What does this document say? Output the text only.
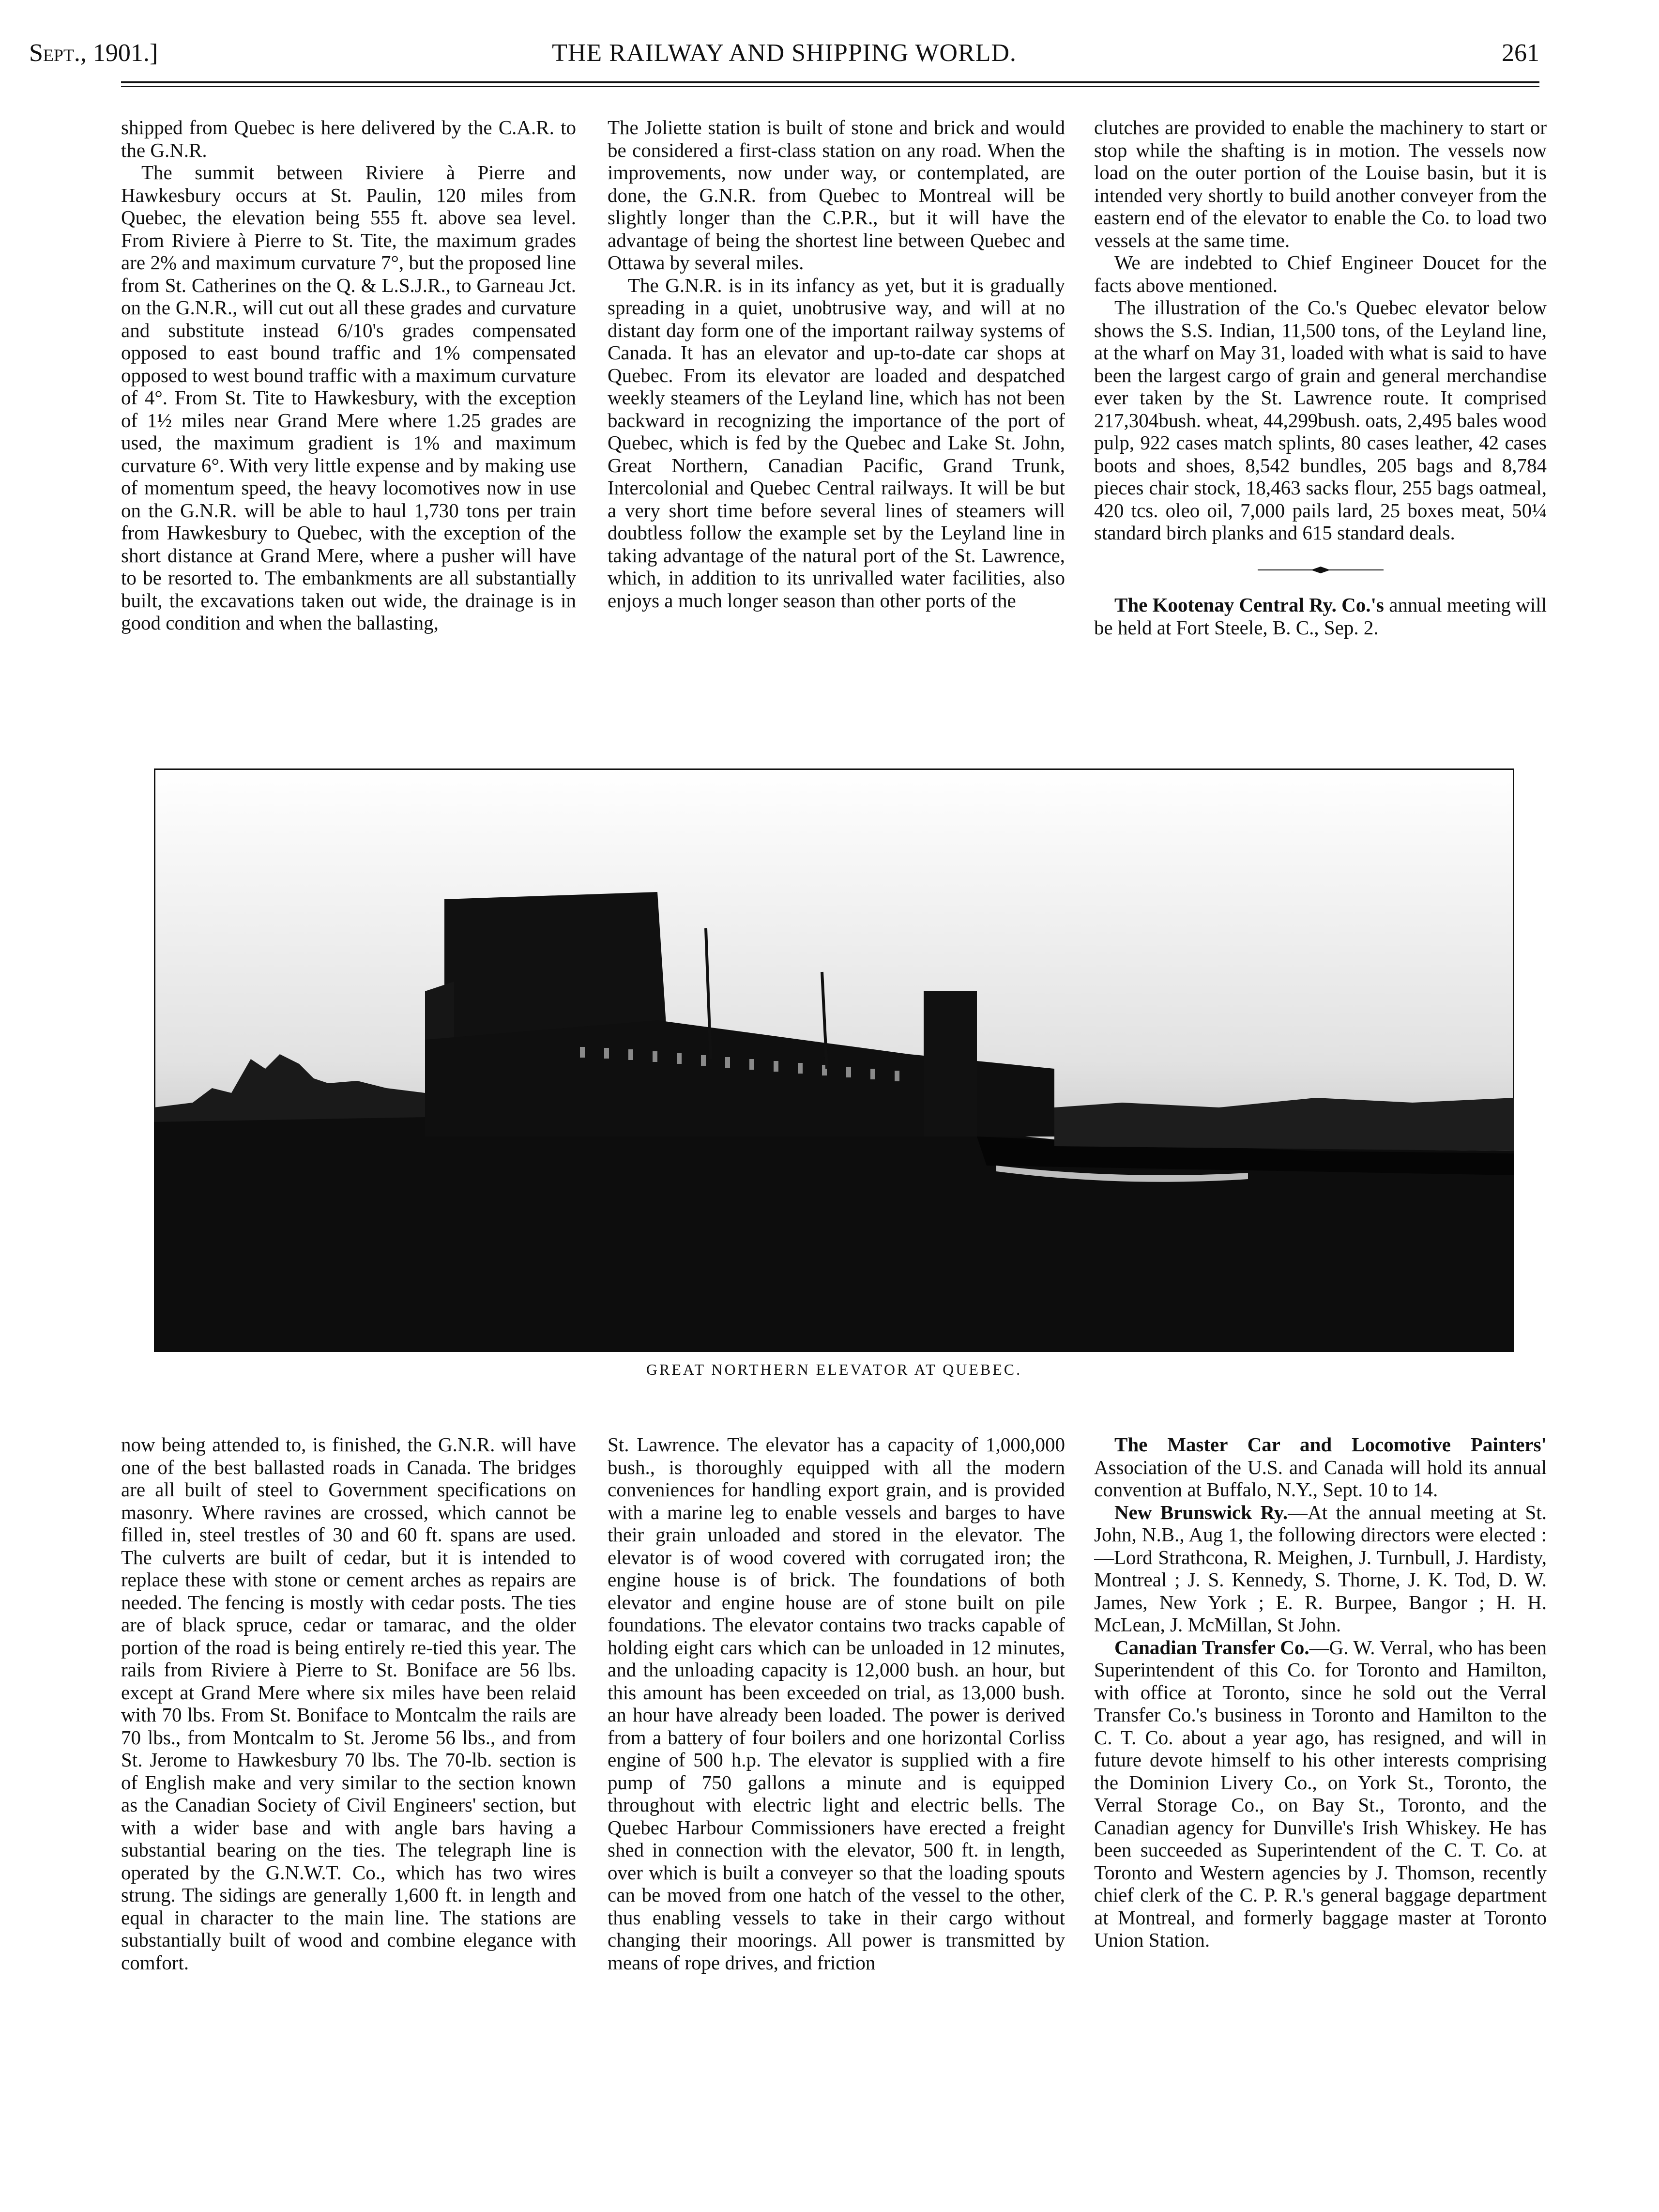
Sept., 1901.]	THE RAILWAY AND SHIPPING WORLD.	261

shipped from Quebec is here delivered by the C.A.R. to the G.N.R.

The summit between Riviere à Pierre and Hawkesbury occurs at St. Paulin, 120 miles from Quebec, the elevation being 555 ft. above sea level. From Riviere à Pierre to St. Tite, the maximum grades are 2% and maximum curvature 7°, but the proposed line from St. Catherines on the Q. & L.S.J.R., to Garneau Jct. on the G.N.R., will cut out all these grades and curvature and substitute instead 6/10's grades compensated opposed to east bound traffic and 1% compensated opposed to west bound traffic with a maximum curvature of 4°. From St. Tite to Hawkesbury, with the exception of 1½ miles near Grand Mere where 1.25 grades are used, the maximum gradient is 1% and maximum curvature 6°. With very little expense and by making use of momentum speed, the heavy locomotives now in use on the G.N.R. will be able to haul 1,730 tons per train from Hawkesbury to Quebec, with the exception of the short distance at Grand Mere, where a pusher will have to be resorted to. The embankments are all substantially built, the excavations taken out wide, the drainage is in good condition and when the ballasting,

The Joliette station is built of stone and brick and would be considered a first-class station on any road. When the improvements, now under way, or contemplated, are done, the G.N.R. from Quebec to Montreal will be slightly longer than the C.P.R., but it will have the advantage of being the shortest line between Quebec and Ottawa by several miles.

The G.N.R. is in its infancy as yet, but it is gradually spreading in a quiet, unobtrusive way, and will at no distant day form one of the important railway systems of Canada. It has an elevator and up-to-date car shops at Quebec. From its elevator are loaded and despatched weekly steamers of the Leyland line, which has not been backward in recognizing the importance of the port of Quebec, which is fed by the Quebec and Lake St. John, Great Northern, Canadian Pacific, Grand Trunk, Intercolonial and Quebec Central railways. It will be but a very short time before several lines of steamers will doubtless follow the example set by the Leyland line in taking advantage of the natural port of the St. Lawrence, which, in addition to its unrivalled water facilities, also enjoys a much longer season than other ports of the

clutches are provided to enable the machinery to start or stop while the shafting is in motion. The vessels now load on the outer portion of the Louise basin, but it is intended very shortly to build another conveyer from the eastern end of the elevator to enable the Co. to load two vessels at the same time.

We are indebted to Chief Engineer Doucet for the facts above mentioned.

The illustration of the Co.'s Quebec elevator below shows the S.S. Indian, 11,500 tons, of the Leyland line, at the wharf on May 31, loaded with what is said to have been the largest cargo of grain and general merchandise ever taken by the St. Lawrence route. It comprised 217,304bush. wheat, 44,299bush. oats, 2,495 bales wood pulp, 922 cases match splints, 80 cases leather, 42 cases boots and shoes, 8,542 bundles, 205 bags and 8,784 pieces chair stock, 18,463 sacks flour, 255 bags oatmeal, 420 tcs. oleo oil, 7,000 pails lard, 25 boxes meat, 50¼ standard birch planks and 615 standard deals.

The Kootenay Central Ry. Co.'s annual meeting will be held at Fort Steele, B. C., Sep. 2.

GREAT NORTHERN ELEVATOR AT QUEBEC.

now being attended to, is finished, the G.N.R. will have one of the best ballasted roads in Canada. The bridges are all built of steel to Government specifications on masonry. Where ravines are crossed, which cannot be filled in, steel trestles of 30 and 60 ft. spans are used. The culverts are built of cedar, but it is intended to replace these with stone or cement arches as repairs are needed. The fencing is mostly with cedar posts. The ties are of black spruce, cedar or tamarac, and the older portion of the road is being entirely re-tied this year. The rails from Riviere à Pierre to St. Boniface are 56 lbs. except at Grand Mere where six miles have been relaid with 70 lbs. From St. Boniface to Montcalm the rails are 70 lbs., from Montcalm to St. Jerome 56 lbs., and from St. Jerome to Hawkesbury 70 lbs. The 70-lb. section is of English make and very similar to the section known as the Canadian Society of Civil Engineers' section, but with a wider base and with angle bars having a substantial bearing on the ties. The telegraph line is operated by the G.N.W.T. Co., which has two wires strung. The sidings are generally 1,600 ft. in length and equal in character to the main line. The stations are substantially built of wood and combine elegance with comfort.

St. Lawrence. The elevator has a capacity of 1,000,000 bush., is thoroughly equipped with all the modern conveniences for handling export grain, and is provided with a marine leg to enable vessels and barges to have their grain unloaded and stored in the elevator. The elevator is of wood covered with corrugated iron; the engine house is of brick. The foundations of both elevator and engine house are of stone built on pile foundations. The elevator contains two tracks capable of holding eight cars which can be unloaded in 12 minutes, and the unloading capacity is 12,000 bush. an hour, but this amount has been exceeded on trial, as 13,000 bush. an hour have already been loaded. The power is derived from a battery of four boilers and one horizontal Corliss engine of 500 h.p. The elevator is supplied with a fire pump of 750 gallons a minute and is equipped throughout with electric light and electric bells. The Quebec Harbour Commissioners have erected a freight shed in connection with the elevator, 500 ft. in length, over which is built a conveyer so that the loading spouts can be moved from one hatch of the vessel to the other, thus enabling vessels to take in their cargo without changing their moorings. All power is transmitted by means of rope drives, and friction

The Master Car and Locomotive Painters' Association of the U.S. and Canada will hold its annual convention at Buffalo, N.Y., Sept. 10 to 14.

New Brunswick Ry.—At the annual meeting at St. John, N.B., Aug 1, the following directors were elected :—Lord Strathcona, R. Meighen, J. Turnbull, J. Hardisty, Montreal ; J. S. Kennedy, S. Thorne, J. K. Tod, D. W. James, New York ; E. R. Burpee, Bangor ; H. H. McLean, J. McMillan, St John.

Canadian Transfer Co.—G. W. Verral, who has been Superintendent of this Co. for Toronto and Hamilton, with office at Toronto, since he sold out the Verral Transfer Co.'s business in Toronto and Hamilton to the C. T. Co. about a year ago, has resigned, and will in future devote himself to his other interests comprising the Dominion Livery Co., on York St., Toronto, the Verral Storage Co., on Bay St., Toronto, and the Canadian agency for Dunville's Irish Whiskey. He has been succeeded as Superintendent of the C. T. Co. at Toronto and Western agencies by J. Thomson, recently chief clerk of the C. P. R.'s general baggage department at Montreal, and formerly baggage master at Toronto Union Station.
